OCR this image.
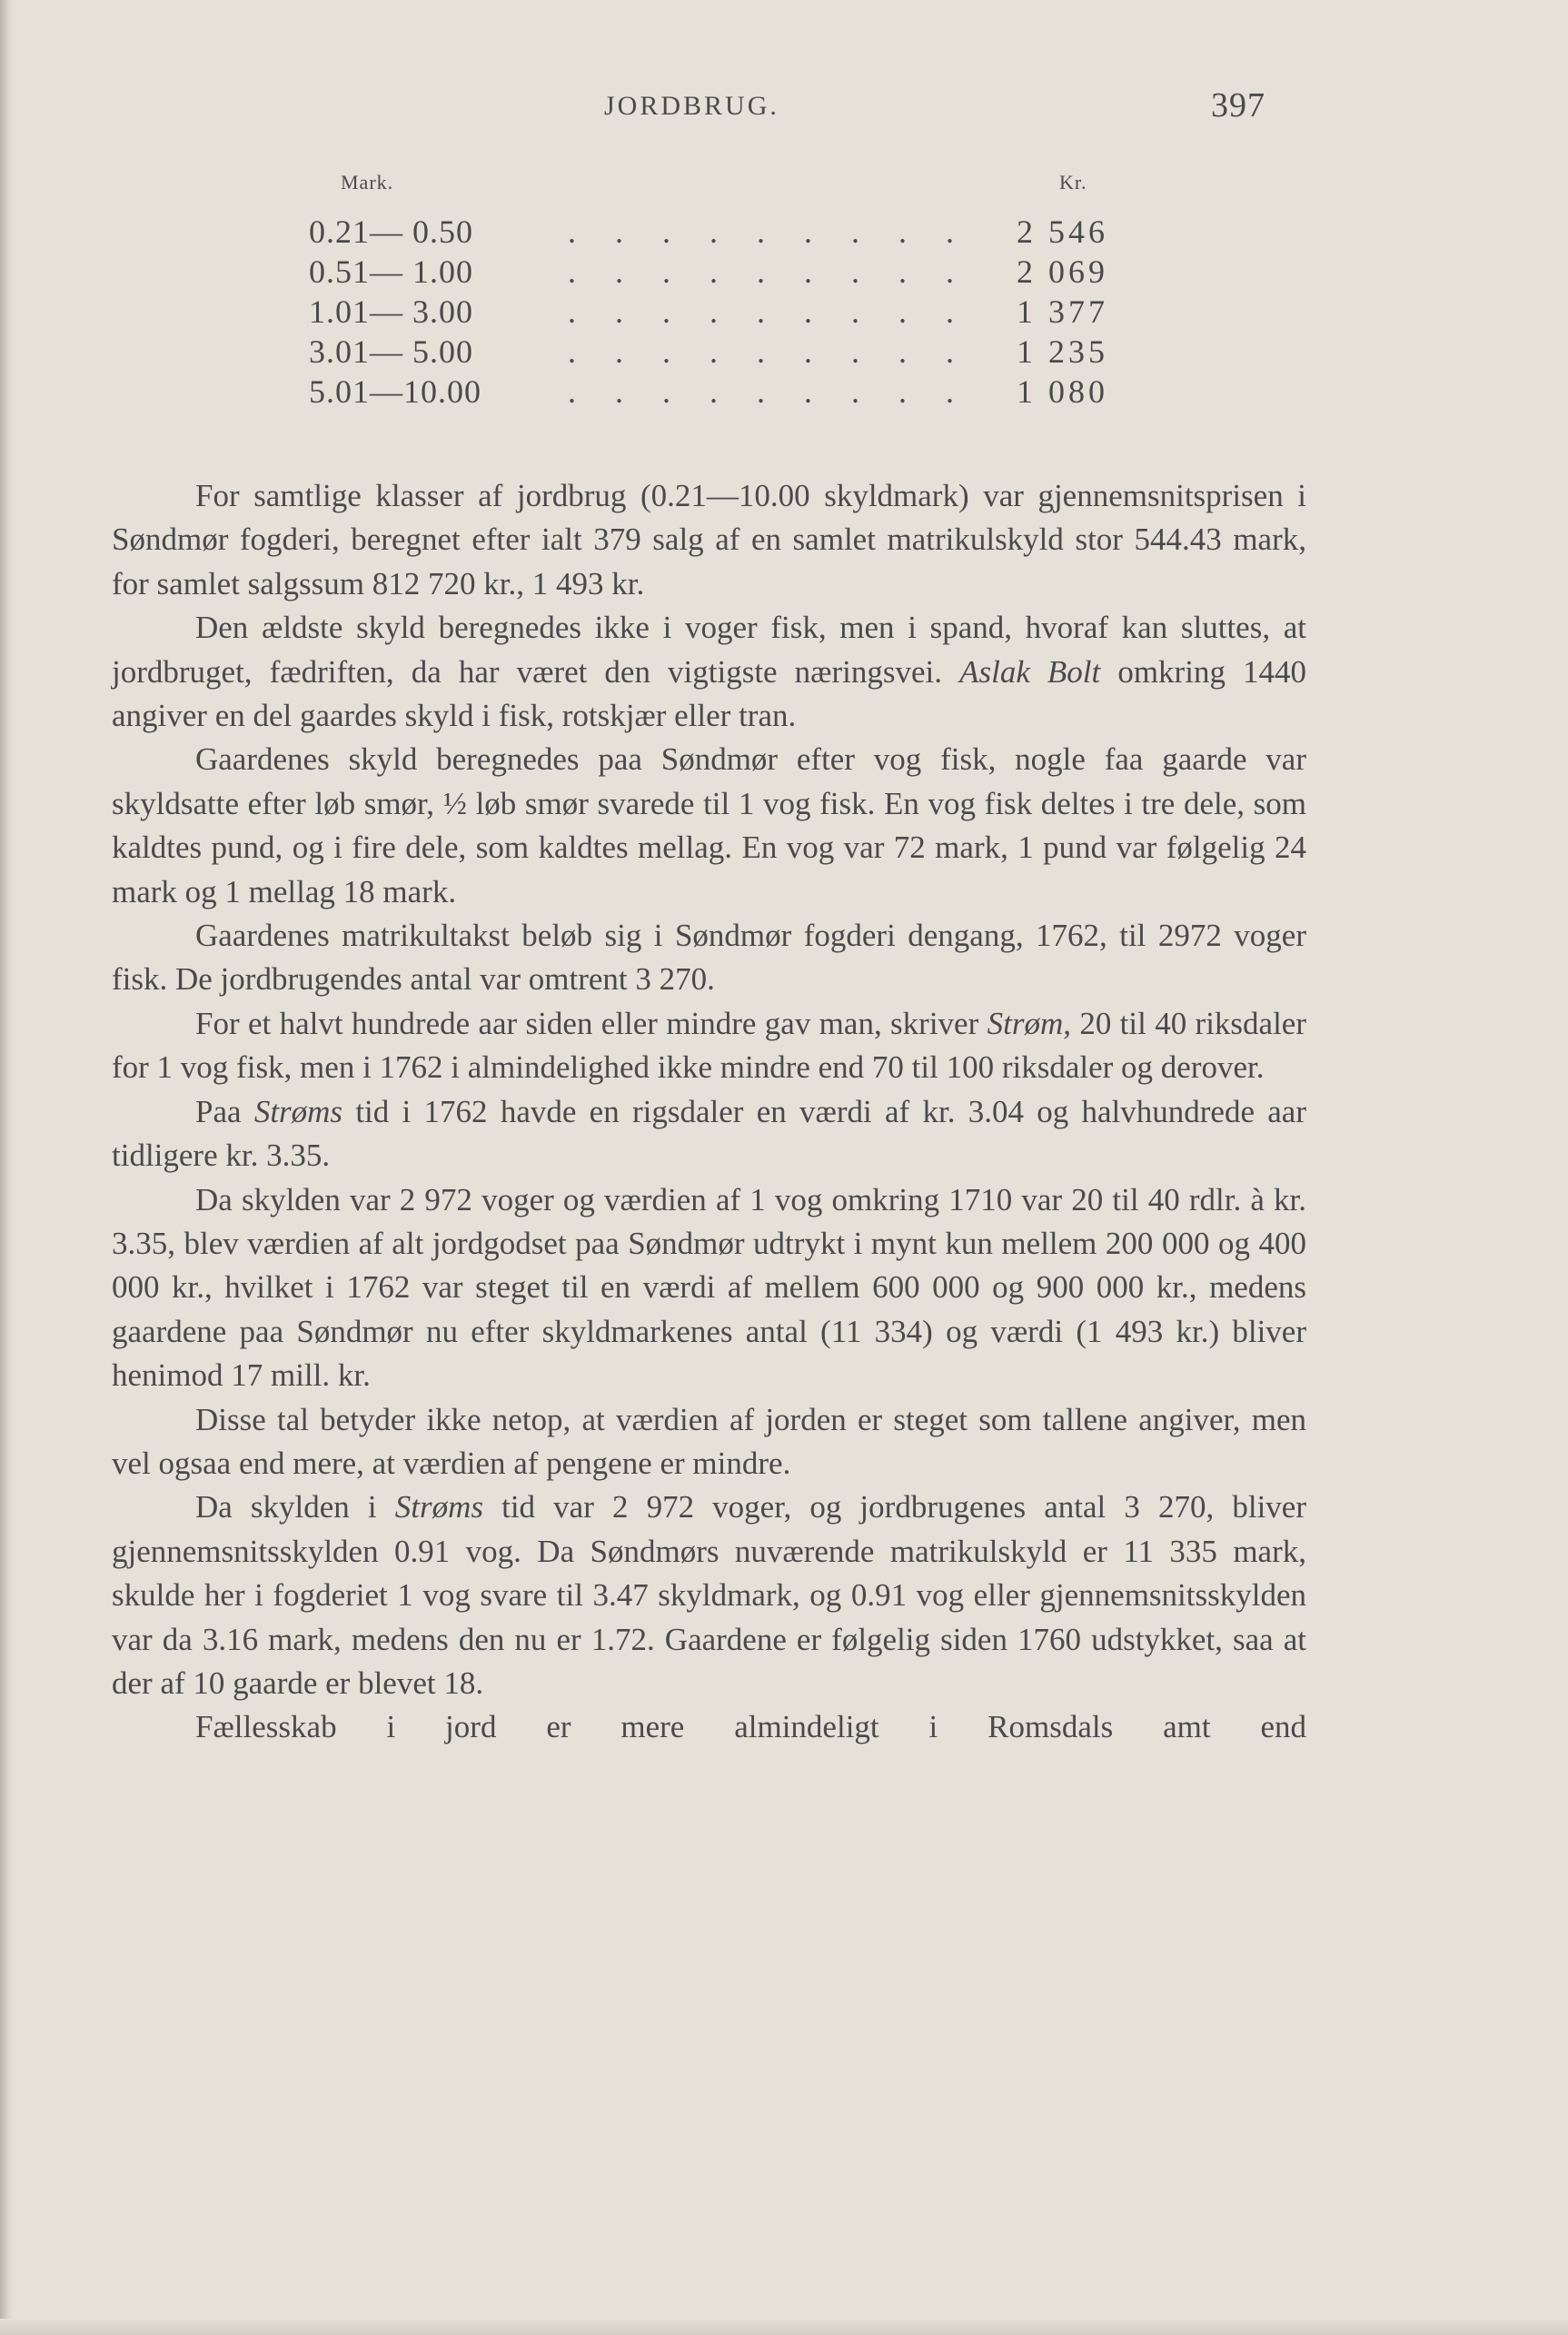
JORDBRUG.	397
Mark.	Kr.
0.21— 0.50	. . . . . . . . . 2 546
0.51— 1.00	. . . . . . . . . 2 069
1.01— 3.00	. . . . . . . . . 1 377
3.01— 5.00	. . . . . . . . . 1 235
5.01—10.00	. . . . . . . . . 1 080

For samtlige klasser af jordbrug (0.21—10.00 skyldmark) var gjennemsnitsprisen i Søndmør fogderi, beregnet efter ialt 379 salg af en samlet matrikulskyld stor 544.43 mark, for samlet salgssum 812 720 kr., 1 493 kr.

Den ældste skyld beregnedes ikke i voger fisk, men i spand, hvoraf kan sluttes, at jordbruget, fædriften, da har været den vigtigste næringsvei. Aslak Bolt omkring 1440 angiver en del gaardes skyld i fisk, rotskjær eller tran.

Gaardenes skyld beregnedes paa Søndmør efter vog fisk, nogle faa gaarde var skyldsatte efter løb smør, ½ løb smør svarede til 1 vog fisk. En vog fisk deltes i tre dele, som kaldtes pund, og i fire dele, som kaldtes mellag. En vog var 72 mark, 1 pund var følgelig 24 mark og 1 mellag 18 mark.

Gaardenes matrikultakst beløb sig i Søndmør fogderi dengang, 1762, til 2972 voger fisk. De jordbrugendes antal var omtrent 3 270.

For et halvt hundrede aar siden eller mindre gav man, skriver Strøm, 20 til 40 riksdaler for 1 vog fisk, men i 1762 i almindelighed ikke mindre end 70 til 100 riksdaler og derover.

Paa Strøms tid i 1762 havde en rigsdaler en værdi af kr. 3.04 og halvhundrede aar tidligere kr. 3.35.

Da skylden var 2 972 voger og værdien af 1 vog omkring 1710 var 20 til 40 rdlr. à kr. 3.35, blev værdien af alt jordgodset paa Søndmør udtrykt i mynt kun mellem 200 000 og 400 000 kr., hvilket i 1762 var steget til en værdi af mellem 600 000 og 900 000 kr., medens gaardene paa Søndmør nu efter skyldmarkenes antal (11 334) og værdi (1 493 kr.) bliver henimod 17 mill. kr.

Disse tal betyder ikke netop, at værdien af jorden er steget som tallene angiver, men vel ogsaa end mere, at værdien af pengene er mindre.

Da skylden i Strøms tid var 2 972 voger, og jordbrugenes antal 3 270, bliver gjennemsnitsskylden 0.91 vog. Da Søndmørs nuværende matrikulskyld er 11 335 mark, skulde her i fogderiet 1 vog svare til 3.47 skyldmark, og 0.91 vog eller gjennemsnitsskylden var da 3.16 mark, medens den nu er 1.72. Gaardene er følgelig siden 1760 udstykket, saa at der af 10 gaarde er blevet 18.

Fællesskab i jord er mere almindeligt i Romsdals amt end
